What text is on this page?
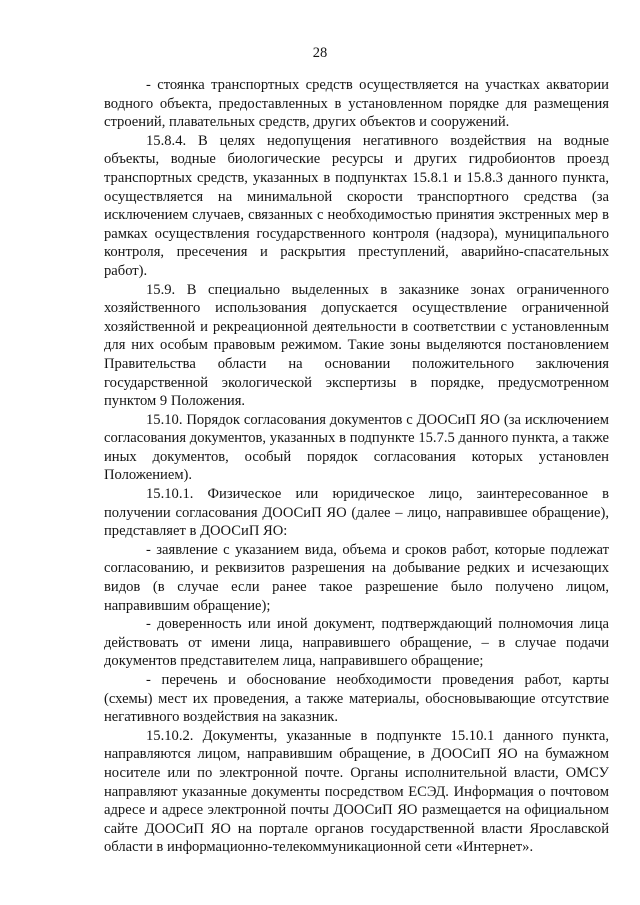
28

- стоянка транспортных средств осуществляется на участках акватории водного объекта, предоставленных в установленном порядке для размещения строений, плавательных средств, других объектов и сооружений.

15.8.4. В целях недопущения негативного воздействия на водные объекты, водные биологические ресурсы и других гидробионтов проезд транспортных средств, указанных в подпунктах 15.8.1 и 15.8.3 данного пункта, осуществляется на минимальной скорости транспортного средства (за исключением случаев, связанных с необходимостью принятия экстренных мер в рамках осуществления государственного контроля (надзора), муниципального контроля, пресечения и раскрытия преступлений, аварийно-спасательных работ).

15.9. В специально выделенных в заказнике зонах ограниченного хозяйственного использования допускается осуществление ограниченной хозяйственной и рекреационной деятельности в соответствии с установленным для них особым правовым режимом. Такие зоны выделяются постановлением Правительства области на основании положительного заключения государственной экологической экспертизы в порядке, предусмотренном пунктом 9 Положения.

15.10. Порядок согласования документов с ДООСиП ЯО (за исключением согласования документов, указанных в подпункте 15.7.5 данного пункта, а также иных документов, особый порядок согласования которых установлен Положением).

15.10.1. Физическое или юридическое лицо, заинтересованное в получении согласования ДООСиП ЯО (далее – лицо, направившее обращение), представляет в ДООСиП ЯО:

- заявление с указанием вида, объема и сроков работ, которые подлежат согласованию, и реквизитов разрешения на добывание редких и исчезающих видов (в случае если ранее такое разрешение было получено лицом, направившим обращение);

- доверенность или иной документ, подтверждающий полномочия лица действовать от имени лица, направившего обращение, – в случае подачи документов представителем лица, направившего обращение;

- перечень и обоснование необходимости проведения работ, карты (схемы) мест их проведения, а также материалы, обосновывающие отсутствие негативного воздействия на заказник.

15.10.2. Документы, указанные в подпункте 15.10.1 данного пункта, направляются лицом, направившим обращение, в ДООСиП ЯО на бумажном носителе или по электронной почте. Органы исполнительной власти, ОМСУ направляют указанные документы посредством ЕСЭД. Информация о почтовом адресе и адресе электронной почты ДООСиП ЯО размещается на официальном сайте ДООСиП ЯО на портале органов государственной власти Ярославской области в информационно-телекоммуникационной сети «Интернет».
